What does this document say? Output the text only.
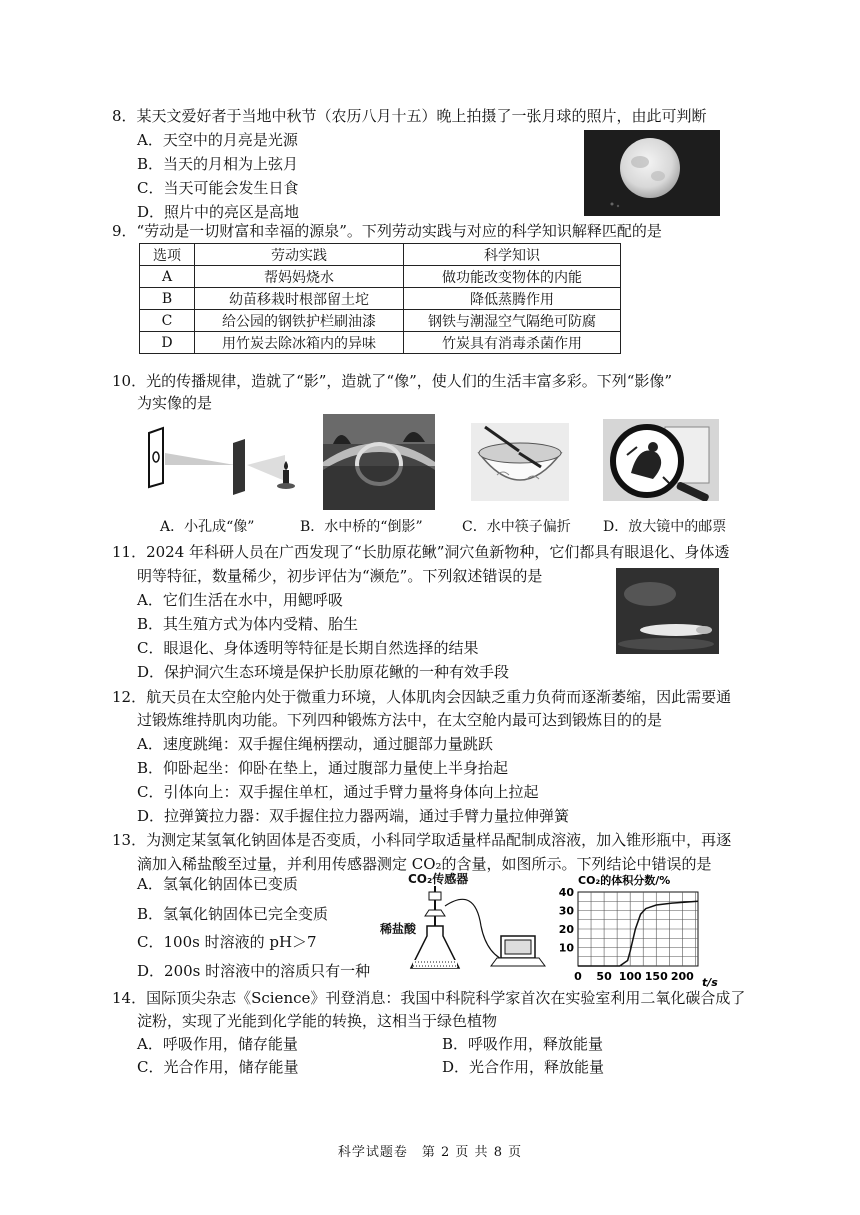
8．某天文爱好者于当地中秋节（农历八月十五）晚上拍摄了一张月球的照片，由此可判断
A．天空中的月亮是光源
B．当天的月相为上弦月
C．当天可能会发生日食
D．照片中的亮区是高地
9．“劳动是一切财富和幸福的源泉”。下列劳动实践与对应的科学知识解释匹配的是
选项	劳动实践	科学知识
A	帮妈妈烧水	做功能改变物体的内能
B	幼苗移栽时根部留土坨	降低蒸腾作用
C	给公园的钢铁护栏刷油漆	钢铁与潮湿空气隔绝可防腐
D	用竹炭去除冰箱内的异味	竹炭具有消毒杀菌作用
10．光的传播规律，造就了“影”，造就了“像”，使人们的生活丰富多彩。下列“影像”
为实像的是
A．小孔成“像”	B．水中桥的“倒影”	C．水中筷子偏折 D．放大镜中的邮票
11．2024 年科研人员在广西发现了“长肋原花鳅”洞穴鱼新物种，它们都具有眼退化、身体透
明等特征，数量稀少，初步评估为“濒危”。下列叙述错误的是
A．它们生活在水中，用鳃呼吸
B．其生殖方式为体内受精、胎生
C．眼退化、身体透明等特征是长期自然选择的结果
D．保护洞穴生态环境是保护长肋原花鳅的一种有效手段
12．航天员在太空舱内处于微重力环境，人体肌肉会因缺乏重力负荷而逐渐萎缩，因此需要通
过锻炼维持肌肉功能。下列四种锻炼方法中，在太空舱内最可达到锻炼目的的是
A．速度跳绳：双手握住绳柄摆动，通过腿部力量跳跃
B．仰卧起坐：仰卧在垫上，通过腹部力量使上半身抬起
C．引体向上：双手握住单杠，通过手臂力量将身体向上拉起
D．拉弹簧拉力器：双手握住拉力器两端，通过手臂力量拉伸弹簧
13．为测定某氢氧化钠固体是否变质，小科同学取适量样品配制成溶液，加入锥形瓶中，再逐
滴加入稀盐酸至过量，并利用传感器测定 CO₂的含量，如图所示。下列结论中错误的是
A．氢氧化钠固体已变质
B．氢氧化钠固体已完全变质
C．100s 时溶液的 pH＞7
D．200s 时溶液中的溶质只有一种
CO₂传感器
稀盐酸
CO₂的体积分数/%
0 50 100 150 200
10
20
30
40
t/s
14．国际顶尖杂志《Science》刊登消息：我国中科院科学家首次在实验室利用二氧化碳合成了
淀粉，实现了光能到化学能的转换，这相当于绿色植物
A．呼吸作用，储存能量	B．呼吸作用，释放能量
C．光合作用，储存能量	D．光合作用，释放能量
科学试题卷　第 2 页 共 8 页
